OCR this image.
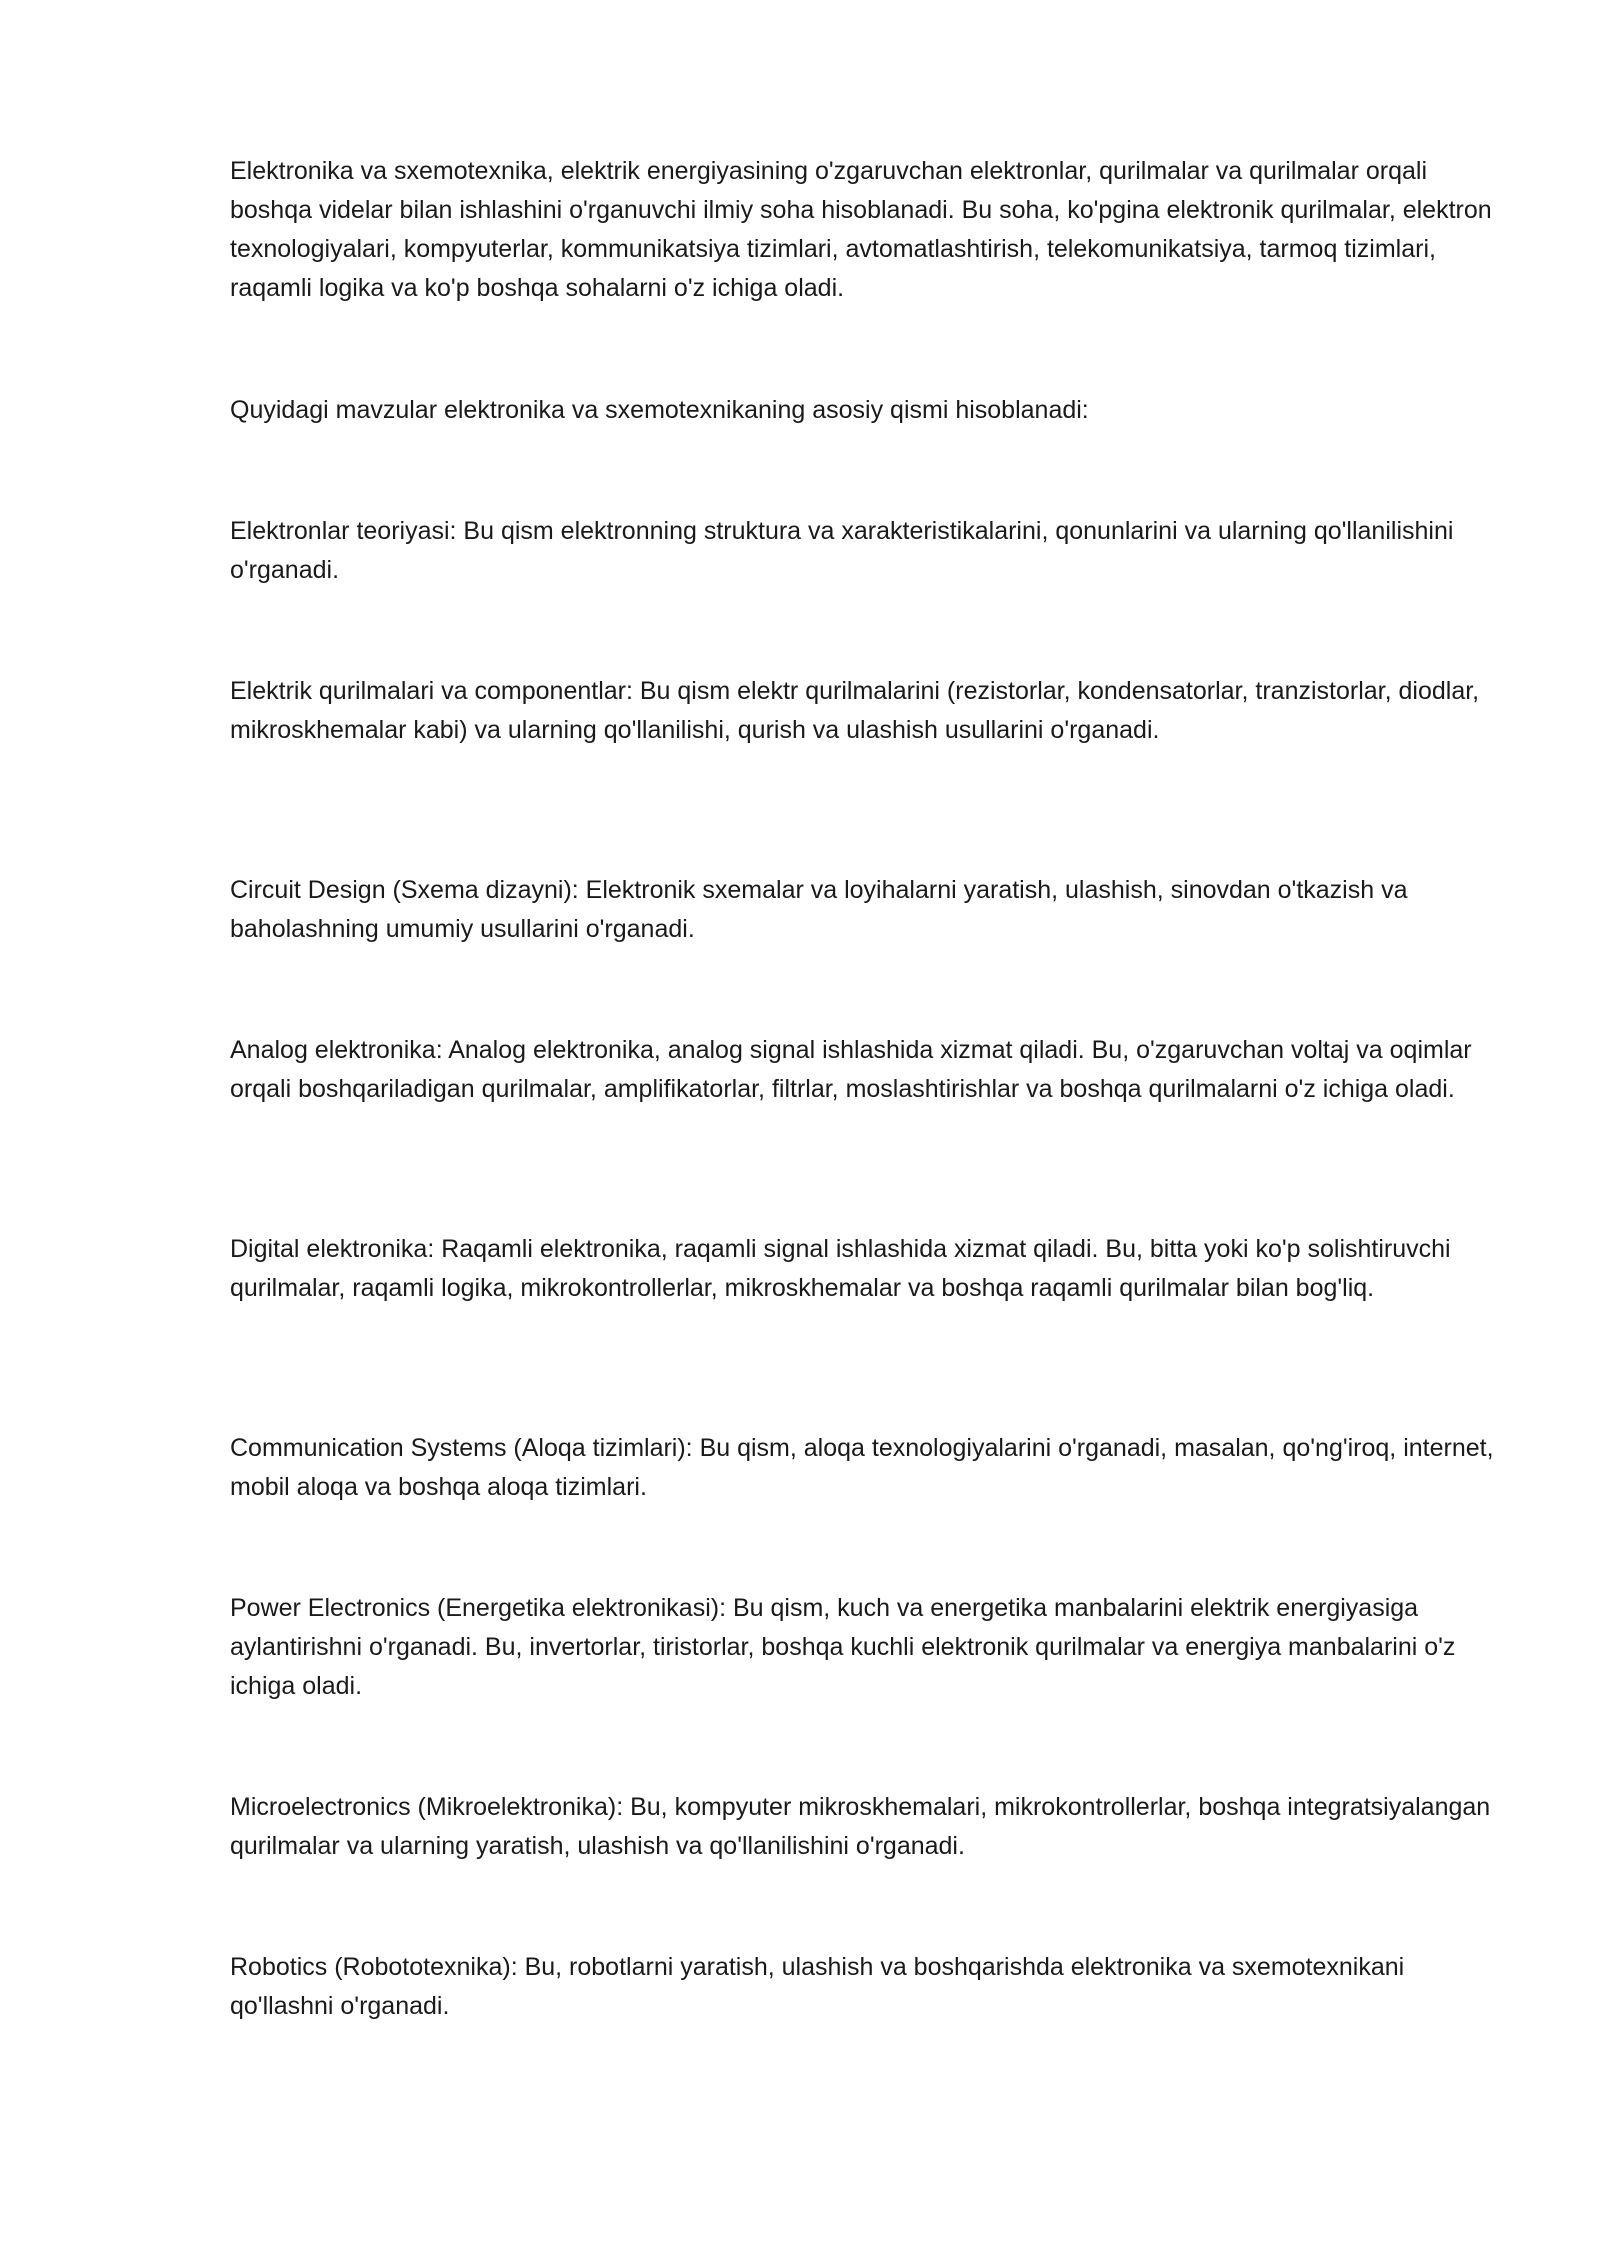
Elektronika va sxemotexnika, elektrik energiyasining o'zgaruvchan elektronlar, qurilmalar va qurilmalar orqali boshqa videlar bilan ishlashini o'rganuvchi ilmiy soha hisoblanadi. Bu soha, ko'pgina elektronik qurilmalar, elektron texnologiyalari, kompyuterlar, kommunikatsiya tizimlari, avtomatlashtirish, telekomunikatsiya, tarmoq tizimlari, raqamli logika va ko'p boshqa sohalarni o'z ichiga oladi.

Quyidagi mavzular elektronika va sxemotexnikaning asosiy qismi hisoblanadi:

Elektronlar teoriyasi: Bu qism elektronning struktura va xarakteristikalarini, qonunlarini va ularning qo'llanilishini o'rganadi.

Elektrik qurilmalari va componentlar: Bu qism elektr qurilmalarini (rezistorlar, kondensatorlar, tranzistorlar, diodlar, mikroskhemalar kabi) va ularning qo'llanilishi, qurish va ulashish usullarini o'rganadi.

Circuit Design (Sxema dizayni): Elektronik sxemalar va loyihalarni yaratish, ulashish, sinovdan o'tkazish va baholashning umumiy usullarini o'rganadi.

Analog elektronika: Analog elektronika, analog signal ishlashida xizmat qiladi. Bu, o'zgaruvchan voltaj va oqimlar orqali boshqariladigan qurilmalar, amplifikatorlar, filtrlar, moslashtirishlar va boshqa qurilmalarni o'z ichiga oladi.

Digital elektronika: Raqamli elektronika, raqamli signal ishlashida xizmat qiladi. Bu, bitta yoki ko'p solishtiruvchi qurilmalar, raqamli logika, mikrokontrollerlar, mikroskhemalar va boshqa raqamli qurilmalar bilan bog'liq.

Communication Systems (Aloqa tizimlari): Bu qism, aloqa texnologiyalarini o'rganadi, masalan, qo'ng'iroq, internet, mobil aloqa va boshqa aloqa tizimlari.

Power Electronics (Energetika elektronikasi): Bu qism, kuch va energetika manbalarini elektrik energiyasiga aylantirishni o'rganadi. Bu, invertorlar, tiristorlar, boshqa kuchli elektronik qurilmalar va energiya manbalarini o'z ichiga oladi.

Microelectronics (Mikroelektronika): Bu, kompyuter mikroskhemalari, mikrokontrollerlar, boshqa integratsiyalangan qurilmalar va ularning yaratish, ulashish va qo'llanilishini o'rganadi.

Robotics (Robototexnika): Bu, robotlarni yaratish, ulashish va boshqarishda elektronika va sxemotexnikani qo'llashni o'rganadi.
